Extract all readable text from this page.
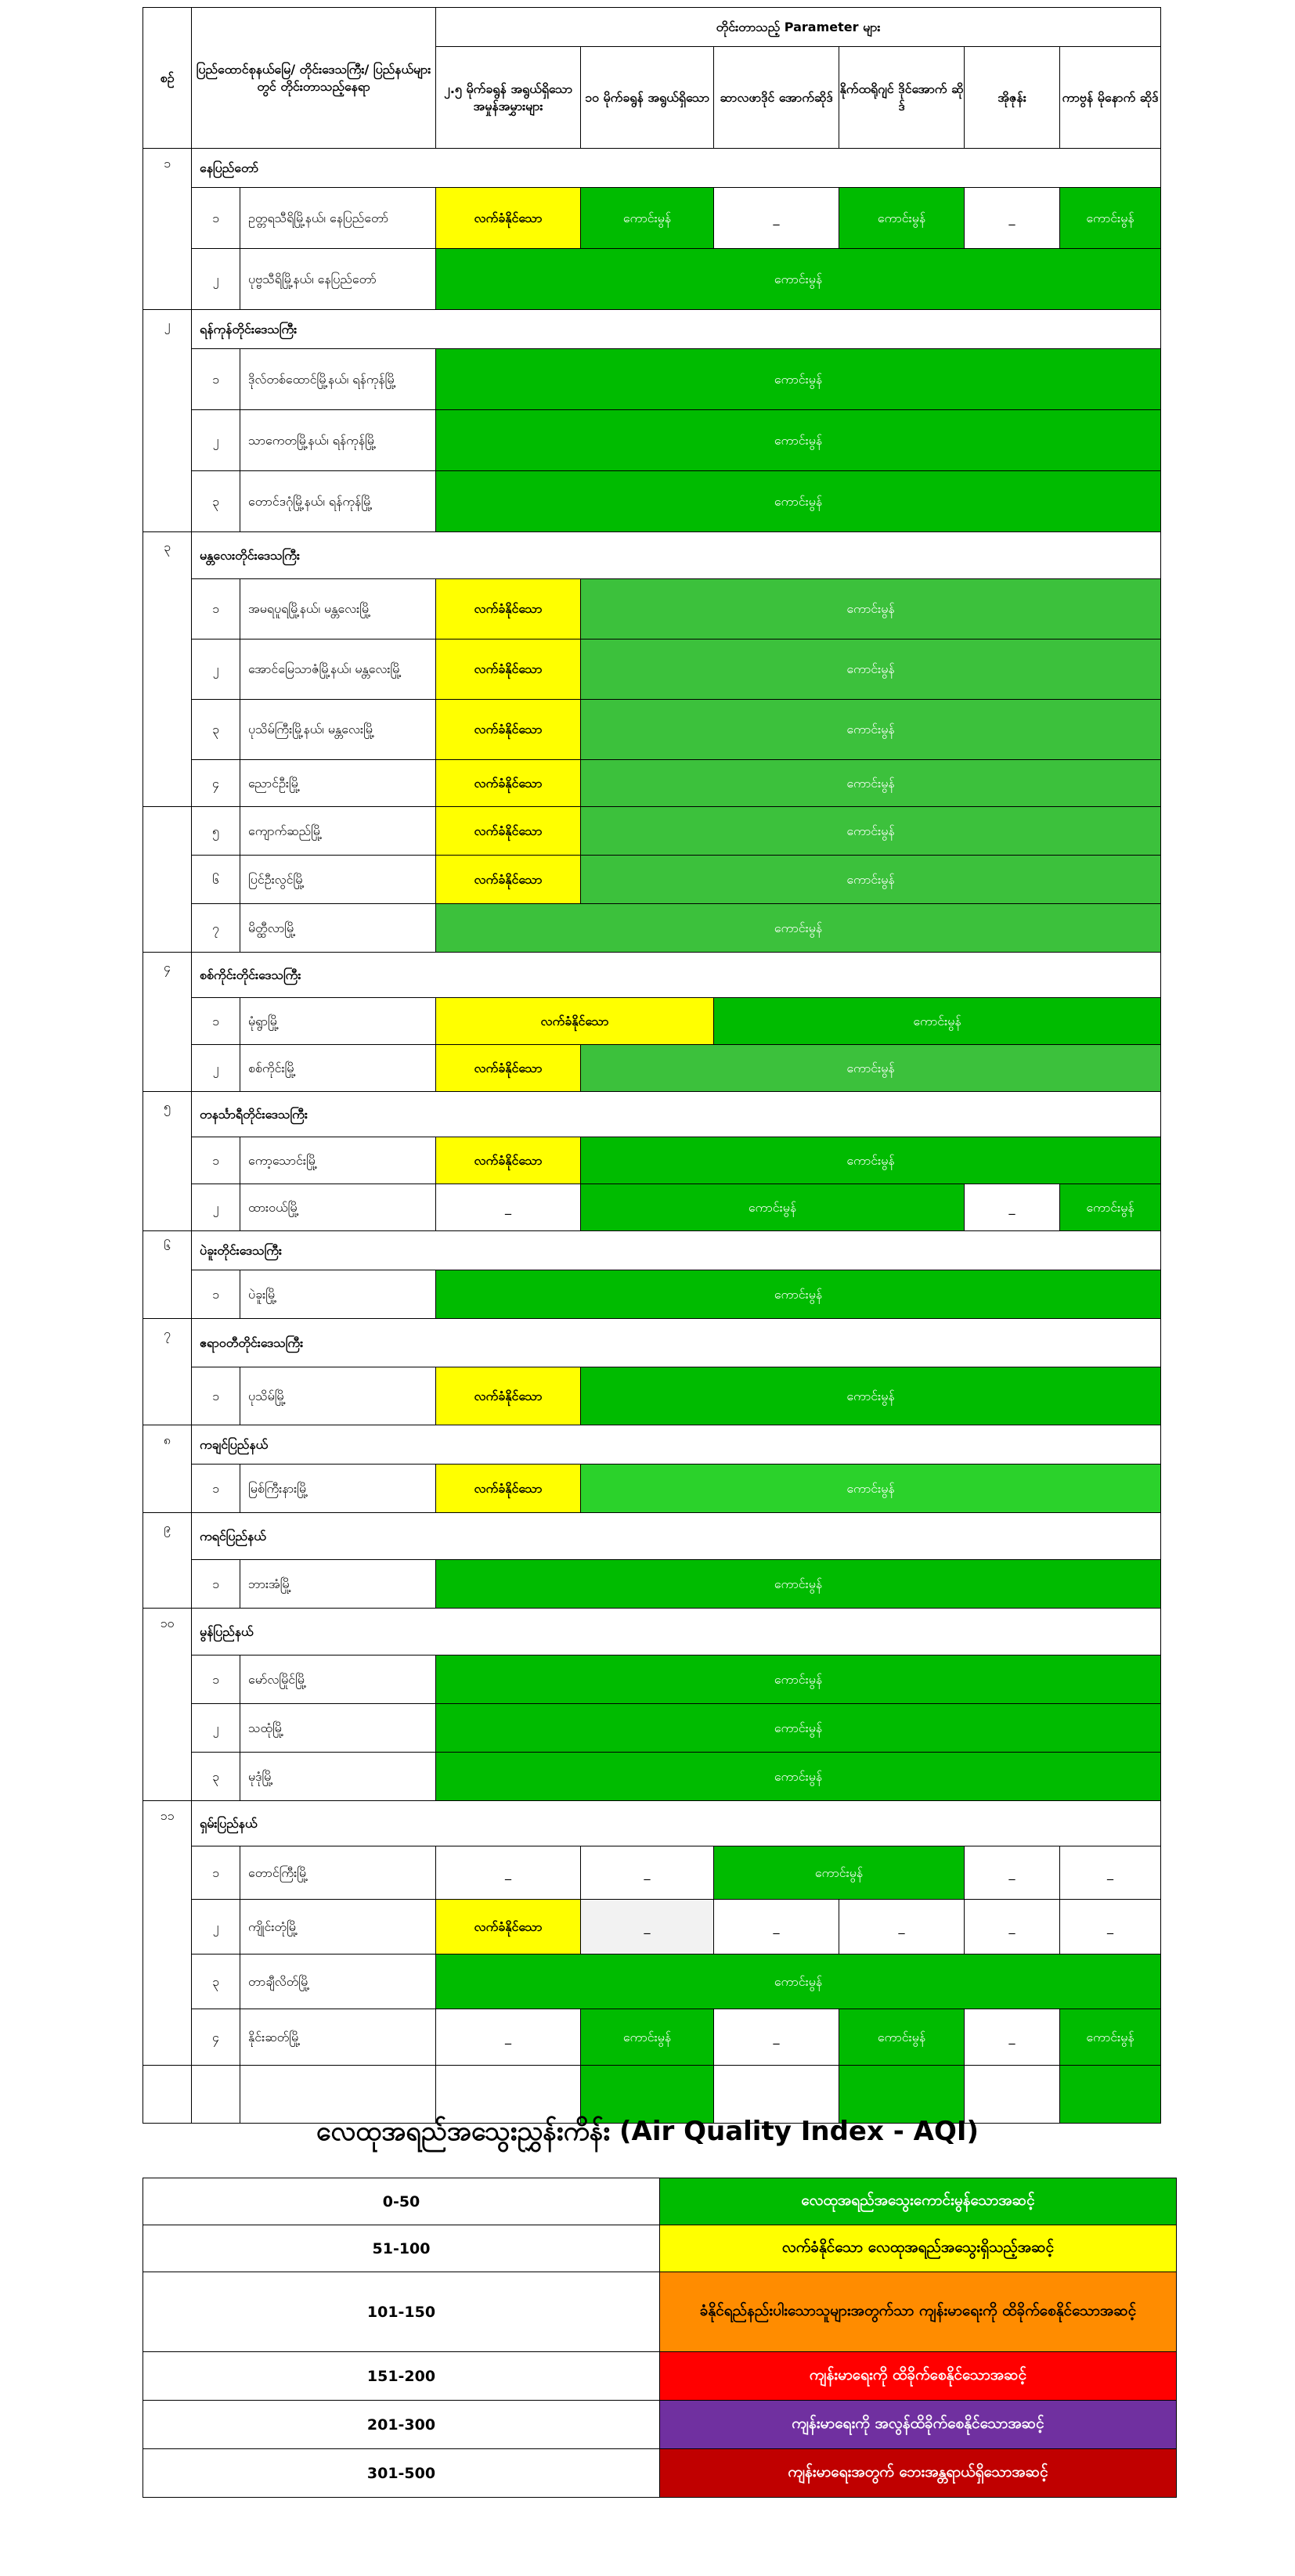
စဉ်	ပြည်ထောင်စုနယ်မြေ/ တိုင်းဒေသကြီး/ ပြည်နယ်များတွင် တိုင်းတာသည့်နေရာ		တိုင်းတာသည့် Parameter များ					
			၂.၅ မိုက်ခရွန် အရွယ်ရှိသော အမှုန်အမွှားများ	၁၀ မိုက်ခရွန် အရွယ်ရှိသော	ဆာလဖာဒိုင် အောက်ဆိုဒ်	နိုက်ထရိုဂျင် ဒိုင်အောက် ဆိုဒ်	အိုဇုန်း	ကာဗွန် မိုနောက် ဆိုဒ်
၁	နေပြည်တော်							
	၁	ဥတ္တရသီရိမြို့နယ်၊ နေပြည်တော်	လက်ခံနိုင်သော	ကောင်းမွန်	_	ကောင်းမွန်	_	ကောင်းမွန်
	၂	ပုဗ္ဗသီရိမြို့နယ်၊ နေပြည်တော်	ကောင်းမွန်					
၂	ရန်ကုန်တိုင်းဒေသကြီး							
	၁	ဒိုလ်တစ်ထောင်မြို့နယ်၊ ရန်ကုန်မြို့	ကောင်းမွန်					
	၂	သာကေတမြို့နယ်၊ ရန်ကုန်မြို့	ကောင်းမွန်					
	၃	တောင်ဒဂုံမြို့နယ်၊ ရန်ကုန်မြို့	ကောင်းမွန်					
၃	မန္တလေးတိုင်းဒေသကြီး							
	၁	အမရပူရမြို့နယ်၊ မန္တလေးမြို့	လက်ခံနိုင်သော	ကောင်းမွန်				
	၂	အောင်မြေသာဇံမြို့နယ်၊ မန္တလေးမြို့	လက်ခံနိုင်သော	ကောင်းမွန်				
	၃	ပုသိမ်ကြီးမြို့နယ်၊ မန္တလေးမြို့	လက်ခံနိုင်သော	ကောင်းမွန်				
	၄	ညောင်ဦးမြို့	လက်ခံနိုင်သော	ကောင်းမွန်				
	၅	ကျောက်ဆည်မြို့	လက်ခံနိုင်သော	ကောင်းမွန်				
	၆	ပြင်ဦးလွင်မြို့	လက်ခံနိုင်သော	ကောင်းမွန်				
	၇	မိတ္ထီလာမြို့	ကောင်းမွန်					
၄	စစ်ကိုင်းတိုင်းဒေသကြီး							
	၁	မုံရွာမြို့	လက်ခံနိုင်သော		ကောင်းမွန်			
	၂	စစ်ကိုင်းမြို့	လက်ခံနိုင်သော	ကောင်းမွန်				
၅	တနင်္သာရီတိုင်းဒေသကြီး							
	၁	ကော့သောင်းမြို့	လက်ခံနိုင်သော	ကောင်းမွန်				
	၂	ထားဝယ်မြို့	_	ကောင်းမွန်			_	ကောင်းမွန်
၆	ပဲခူးတိုင်းဒေသကြီး							
	၁	ပဲခူးမြို့	ကောင်းမွန်					
၇	ဧရာဝတီတိုင်းဒေသကြီး							
	၁	ပုသိမ်မြို့	လက်ခံနိုင်သော	ကောင်းမွန်				
၈	ကချင်ပြည်နယ်							
	၁	မြစ်ကြီးနားမြို့	လက်ခံနိုင်သော	ကောင်းမွန်				
၉	ကရင်ပြည်နယ်							
	၁	ဘားအံမြို့	ကောင်းမွန်					
၁၀	မွန်ပြည်နယ်							
	၁	မော်လမြိုင်မြို့	ကောင်းမွန်					
	၂	သထုံမြို့	ကောင်းမွန်					
	၃	မုဒုံမြို့	ကောင်းမွန်					
၁၁	ရှမ်းပြည်နယ်							
	၁	တောင်ကြီးမြို့	_	_	ကောင်းမွန်		_	_
	၂	ကျိုင်းတုံမြို့	လက်ခံနိုင်သော	_	_	_	_	_
	၃	တာချီလိတ်မြို့	ကောင်းမွန်					
	၄	နိုင်းဆတ်မြို့	_	ကောင်းမွန်	_	ကောင်းမွန်	_	ကောင်းမွန်

လေထုအရည်အသွေးညွှန်းကိန်း (Air Quality Index - AQI)
0-50	လေထုအရည်အသွေးကောင်းမွန်သောအဆင့်
51-100	လက်ခံနိုင်သော လေထုအရည်အသွေးရှိသည့်အဆင့်
101-150	ခံနိုင်ရည်နည်းပါးသောသူများအတွက်သာ ကျန်းမာရေးကို ထိခိုက်စေနိုင်သောအဆင့်
151-200	ကျန်းမာရေးကို ထိခိုက်စေနိုင်သောအဆင့်
201-300	ကျန်းမာရေးကို အလွန်ထိခိုက်စေနိုင်သောအဆင့်
301-500	ကျန်းမာရေးအတွက် ဘေးအန္တရာယ်ရှိသောအဆင့်
